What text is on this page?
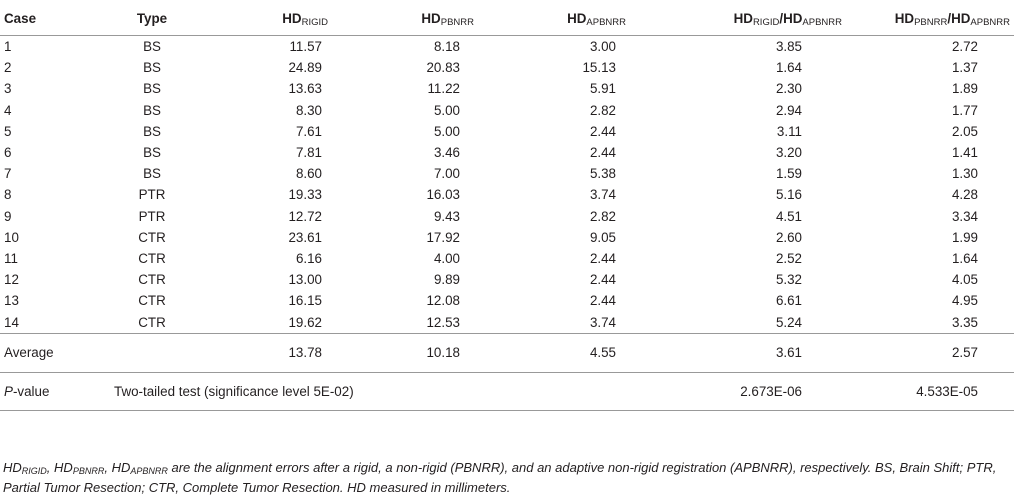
Case	Type	$HD_{RIGID}$	$HD_{PBNRR}$	$HD_{APBNRR}$	$HD_{RIGID}/HD_{APBNRR}$	$HD_{PBNRR}/HD_{APBNRR}$
1	BS	11.57	8.18	3.00	3.85	2.72
2	BS	24.89	20.83	15.13	1.64	1.37
3	BS	13.63	11.22	5.91	2.30	1.89
4	BS	8.30	5.00	2.82	2.94	1.77
5	BS	7.61	5.00	2.44	3.11	2.05
6	BS	7.81	3.46	2.44	3.20	1.41
7	BS	8.60	7.00	5.38	1.59	1.30
8	PTR	19.33	16.03	3.74	5.16	4.28
9	PTR	12.72	9.43	2.82	4.51	3.34
10	CTR	23.61	17.92	9.05	2.60	1.99
11	CTR	6.16	4.00	2.44	2.52	1.64
12	CTR	13.00	9.89	2.44	5.32	4.05
13	CTR	16.15	12.08	2.44	6.61	4.95
14	CTR	19.62	12.53	3.74	5.24	3.35
Average		13.78	10.18	4.55	3.61	2.57
P-value	Two-tailed test (significance level 5E-02)				2.673E-06	4.533E-05
$HD_{RIGID}$, $HD_{PBNRR}$, $HD_{APBNRR}$ are the alignment errors after a rigid, a non-rigid (PBNRR), and an adaptive non-rigid registration (APBNRR), respectively. BS, Brain Shift; PTR, Partial Tumor Resection; CTR, Complete Tumor Resection. HD measured in millimeters.
